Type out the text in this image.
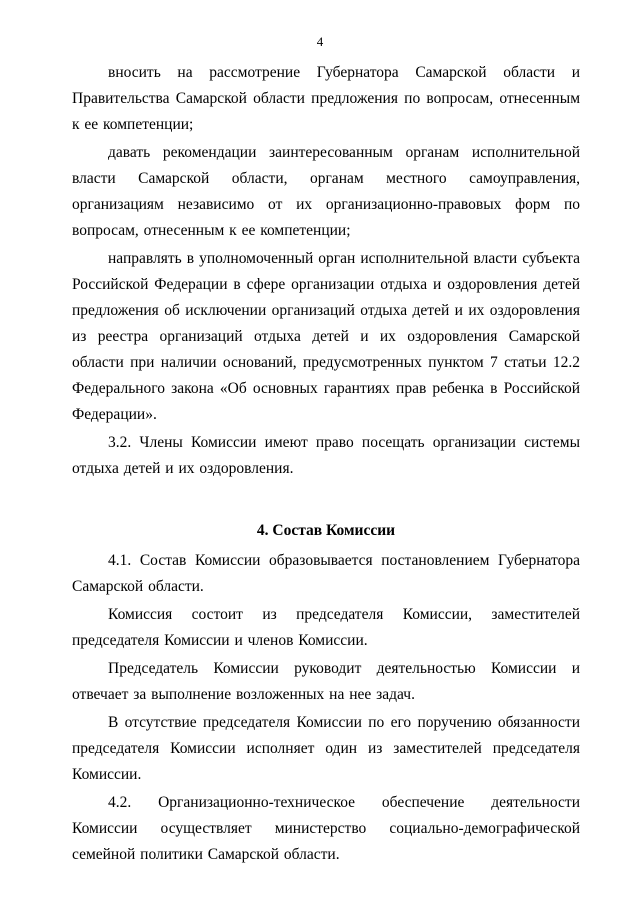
4

вносить на рассмотрение Губернатора Самарской области и Правительства Самарской области предложения по вопросам, отнесенным к ее компетенции;

давать рекомендации заинтересованным органам исполнительной власти Самарской области, органам местного самоуправления, организациям независимо от их организационно-правовых форм по вопросам, отнесенным к ее компетенции;

направлять в уполномоченный орган исполнительной власти субъекта Российской Федерации в сфере организации отдыха и оздоровления детей предложения об исключении организаций отдыха детей и их оздоровления из реестра организаций отдыха детей и их оздоровления Самарской области при наличии оснований, предусмотренных пунктом 7 статьи 12.2 Федерального закона «Об основных гарантиях прав ребенка в Российской Федерации».

3.2. Члены Комиссии имеют право посещать организации системы отдыха детей и их оздоровления.

4. Состав Комиссии

4.1. Состав Комиссии образовывается постановлением Губернатора Самарской области.

Комиссия состоит из председателя Комиссии, заместителей председателя Комиссии и членов Комиссии.

Председатель Комиссии руководит деятельностью Комиссии и отвечает за выполнение возложенных на нее задач.

В отсутствие председателя Комиссии по его поручению обязанности председателя Комиссии исполняет один из заместителей председателя Комиссии.

4.2. Организационно-техническое обеспечение деятельности Комиссии осуществляет министерство социально-демографической семейной политики Самарской области.
